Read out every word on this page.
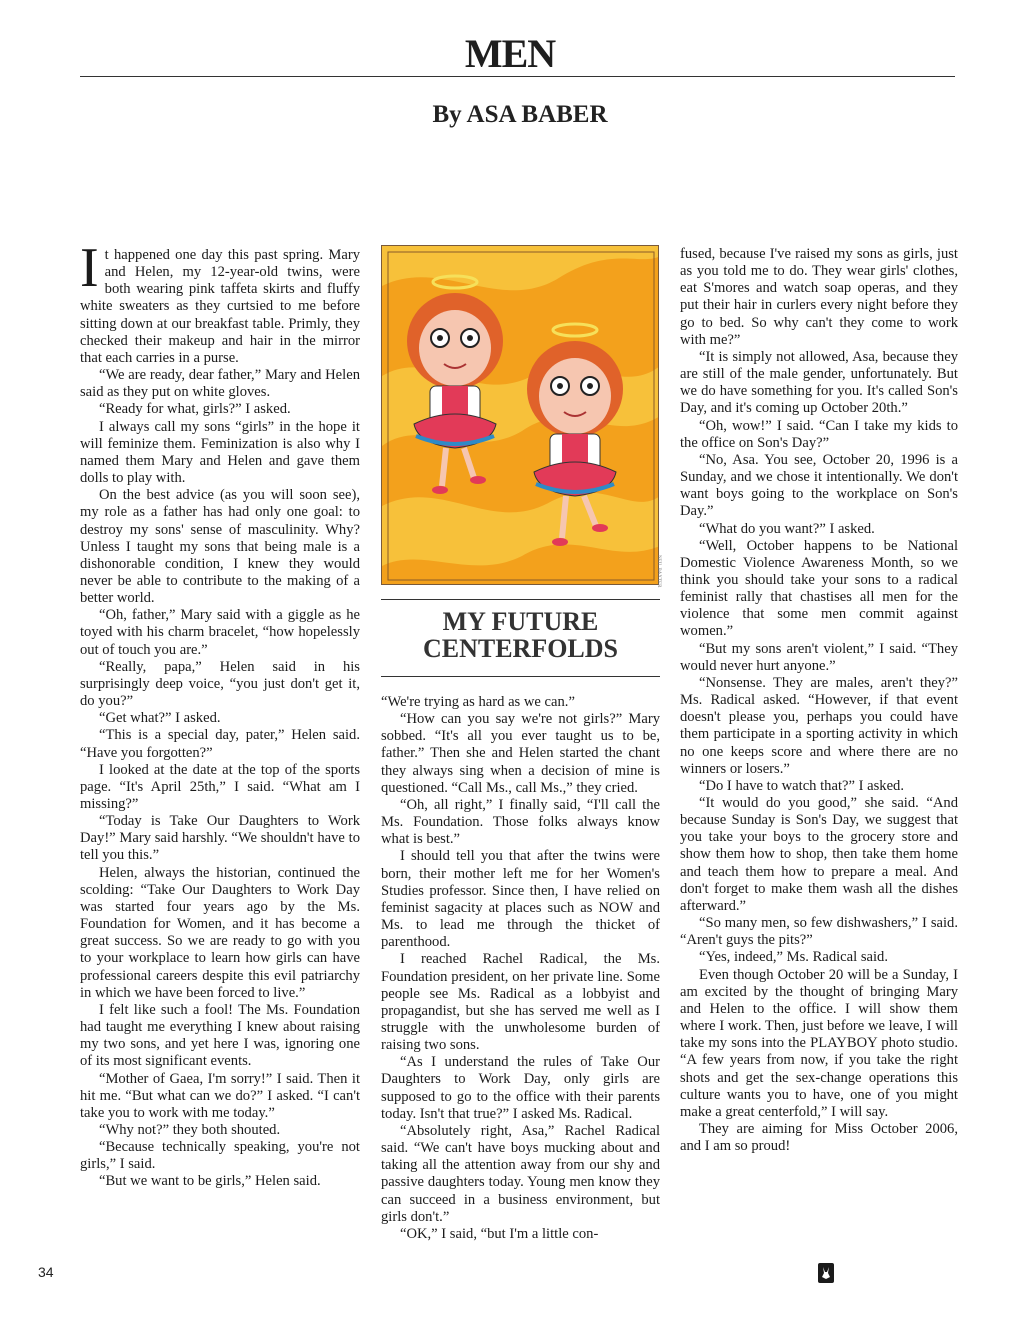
MEN
By ASA BABER

It happened one day this past spring. Mary and Helen, my 12-year-old twins, were both wearing pink taffeta skirts and fluffy white sweaters as they curtsied to me before sitting down at our breakfast table. Primly, they checked their makeup and hair in the mirror that each carries in a purse.

“We are ready, dear father,” Mary and Helen said as they put on white gloves.

“Ready for what, girls?” I asked.

I always call my sons “girls” in the hope it will feminize them. Feminization is also why I named them Mary and Helen and gave them dolls to play with.

On the best advice (as you will soon see), my role as a father has had only one goal: to destroy my sons' sense of masculinity. Why? Unless I taught my sons that being male is a dishonorable condition, I knew they would never be able to contribute to the making of a better world.

“Oh, father,” Mary said with a giggle as he toyed with his charm bracelet, “how hopelessly out of touch you are.”

“Really, papa,” Helen said in his surprisingly deep voice, “you just don't get it, do you?”

“Get what?” I asked.

“This is a special day, pater,” Helen said. “Have you forgotten?”

I looked at the date at the top of the sports page. “It's April 25th,” I said. “What am I missing?”

“Today is Take Our Daughters to Work Day!” Mary said harshly. “We shouldn't have to tell you this.”

Helen, always the historian, continued the scolding: “Take Our Daughters to Work Day was started four years ago by the Ms. Foundation for Women, and it has become a great success. So we are ready to go with you to your workplace to learn how girls can have professional careers despite this evil patriarchy in which we have been forced to live.”

I felt like such a fool! The Ms. Foundation had taught me everything I knew about raising my two sons, and yet here I was, ignoring one of its most significant events.

“Mother of Gaea, I'm sorry!” I said. Then it hit me. “But what can we do?” I asked. “I can't take you to work with me today.”

“Why not?” they both shouted.

“Because technically speaking, you're not girls,” I said.

“But we want to be girls,” Helen said.

NEIL BAXTER
MY FUTURE
CENTERFOLDS

“We're trying as hard as we can.”

“How can you say we're not girls?” Mary sobbed. “It's all you ever taught us to be, father.” Then she and Helen started the chant they always sing when a decision of mine is questioned. “Call Ms., call Ms.,” they cried.

“Oh, all right,” I finally said, “I'll call the Ms. Foundation. Those folks always know what is best.”

I should tell you that after the twins were born, their mother left me for her Women's Studies professor. Since then, I have relied on feminist sagacity at places such as NOW and Ms. to lead me through the thicket of parenthood.

I reached Rachel Radical, the Ms. Foundation president, on her private line. Some people see Ms. Radical as a lobbyist and propagandist, but she has served me well as I struggle with the unwholesome burden of raising two sons.

“As I understand the rules of Take Our Daughters to Work Day, only girls are supposed to go to the office with their parents today. Isn't that true?” I asked Ms. Radical.

“Absolutely right, Asa,” Rachel Radical said. “We can't have boys mucking about and taking all the attention away from our shy and passive daughters today. Young men know they can succeed in a business environment, but girls don't.”

“OK,” I said, “but I'm a little con-

fused, because I've raised my sons as girls, just as you told me to do. They wear girls' clothes, eat S'mores and watch soap operas, and they put their hair in curlers every night before they go to bed. So why can't they come to work with me?”

“It is simply not allowed, Asa, because they are still of the male gender, unfortunately. But we do have something for you. It's called Son's Day, and it's coming up October 20th.”

“Oh, wow!” I said. “Can I take my kids to the office on Son's Day?”

“No, Asa. You see, October 20, 1996 is a Sunday, and we chose it intentionally. We don't want boys going to the workplace on Son's Day.”

“What do you want?” I asked.

“Well, October happens to be National Domestic Violence Awareness Month, so we think you should take your sons to a radical feminist rally that chastises all men for the violence that some men commit against women.”

“But my sons aren't violent,” I said. “They would never hurt anyone.”

“Nonsense. They are males, aren't they?” Ms. Radical asked. “However, if that event doesn't please you, perhaps you could have them participate in a sporting activity in which no one keeps score and where there are no winners or losers.”

“Do I have to watch that?” I asked.

“It would do you good,” she said. “And because Sunday is Son's Day, we suggest that you take your boys to the grocery store and show them how to shop, then take them home and teach them how to prepare a meal. And don't forget to make them wash all the dishes afterward.”

“So many men, so few dishwashers,” I said. “Aren't guys the pits?”

“Yes, indeed,” Ms. Radical said.

Even though October 20 will be a Sunday, I am excited by the thought of bringing Mary and Helen to the office. I will show them where I work. Then, just before we leave, I will take my sons into the PLAYBOY photo studio. “A few years from now, if you take the right shots and get the sex-change operations this culture wants you to have, one of you might make a great centerfold,” I will say.

They are aiming for Miss October 2006, and I am so proud!

34
